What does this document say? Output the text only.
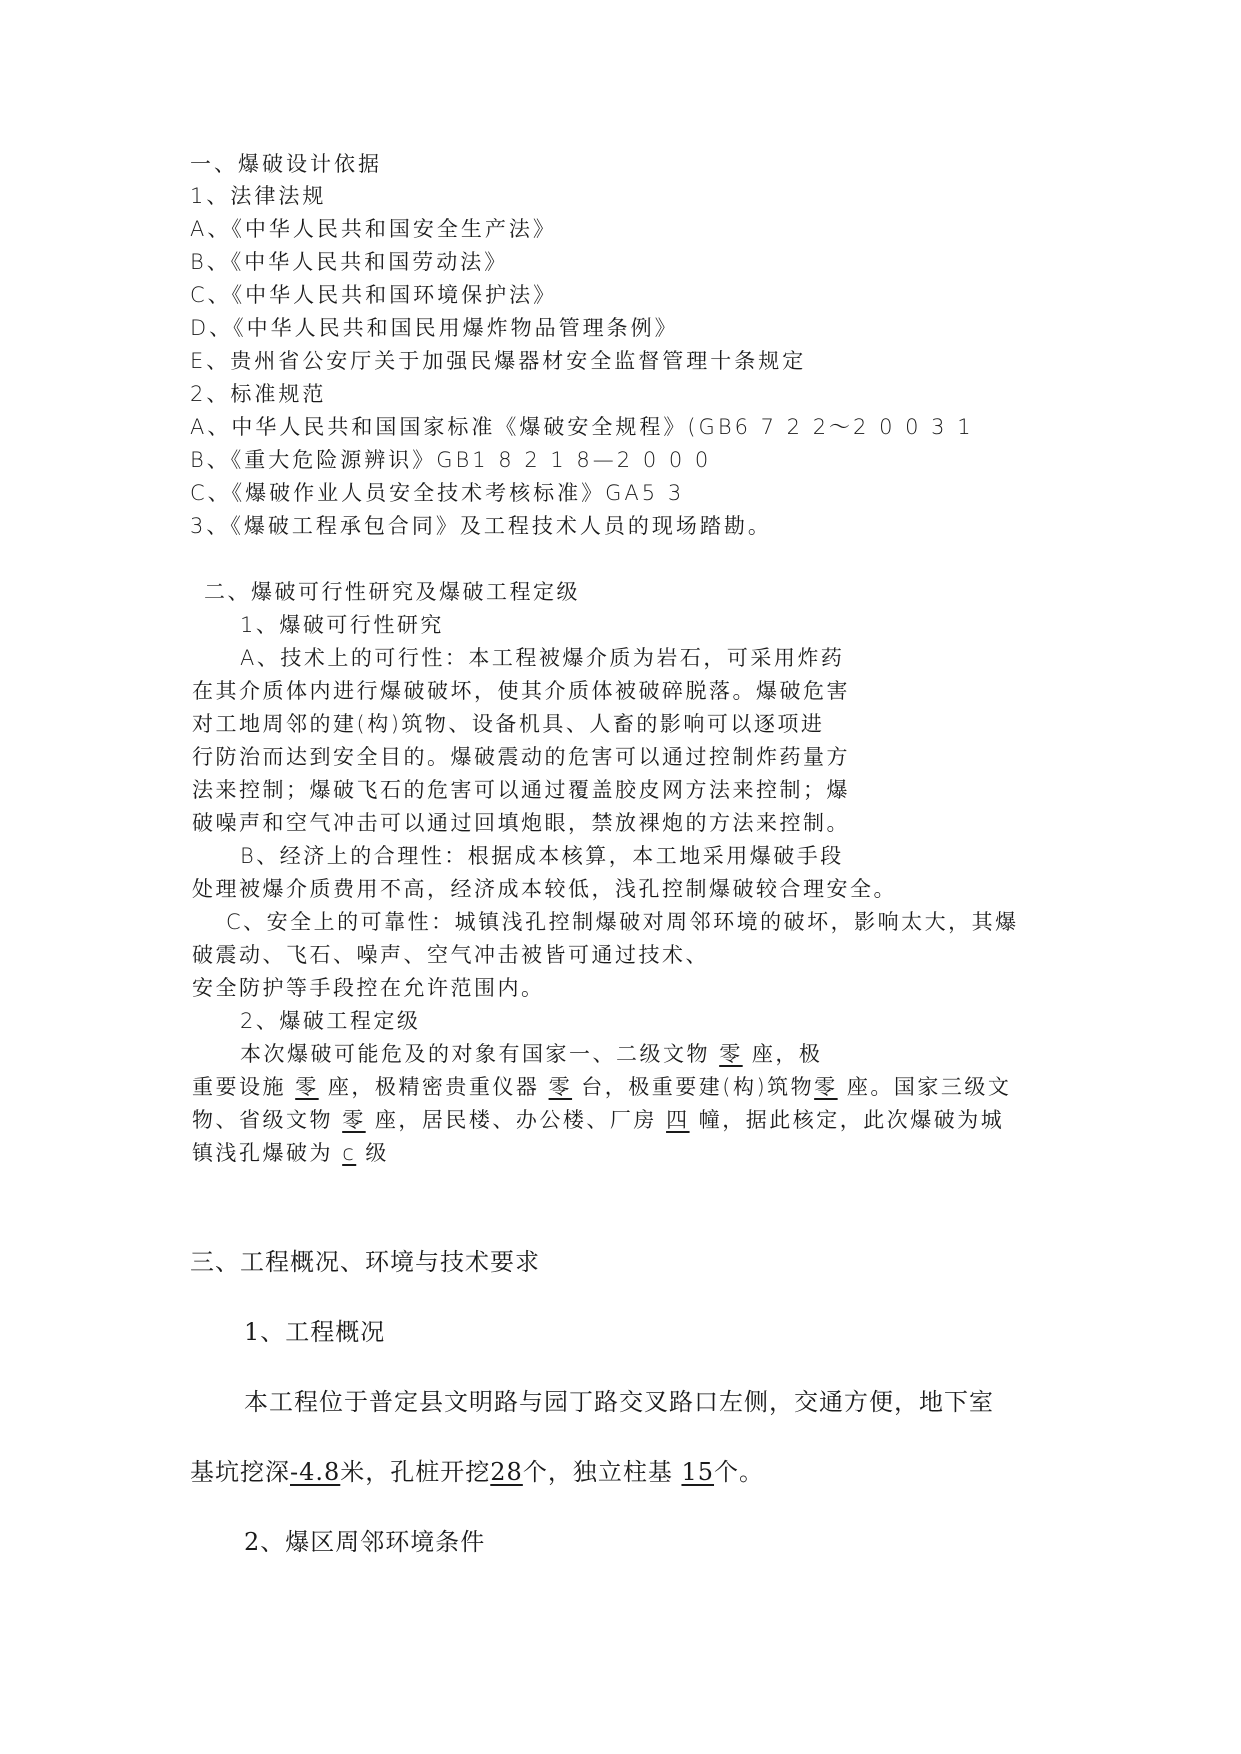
一、爆破设计依据
1、法律法规
A、《中华人民共和国安全生产法》
B、《中华人民共和国劳动法》
C、《中华人民共和国环境保护法》
D、《中华人民共和国民用爆炸物品管理条例》
E、贵州省公安厅关于加强民爆器材安全监督管理十条规定
2、标准规范
A、中华人民共和国国家标准《爆破安全规程》(GB6 7 2 2～2 0 0 3 1
B、《重大危险源辨识》GB1 8 2 1 8—2 0 0 0
C、《爆破作业人员安全技术考核标准》GA5 3
3、《爆破工程承包合同》及工程技术人员的现场踏勘。
二、爆破可行性研究及爆破工程定级
1、爆破可行性研究
A、技术上的可行性：本工程被爆介质为岩石，可采用炸药
在其介质体内进行爆破破坏，使其介质体被破碎脱落。爆破危害
对工地周邻的建(构)筑物、设备机具、人畜的影响可以逐项进
行防治而达到安全目的。爆破震动的危害可以通过控制炸药量方
法来控制；爆破飞石的危害可以通过覆盖胶皮网方法来控制；爆
破噪声和空气冲击可以通过回填炮眼，禁放裸炮的方法来控制。
B、经济上的合理性：根据成本核算，本工地采用爆破手段
处理被爆介质费用不高，经济成本较低，浅孔控制爆破较合理安全。
C、安全上的可靠性：城镇浅孔控制爆破对周邻环境的破坏，影响太大，其爆
破震动、飞石、噪声、空气冲击被皆可通过技术、
安全防护等手段控在允许范围内。
2、爆破工程定级
本次爆破可能危及的对象有国家一、二级文物 零 座，极
重要设施 零 座，极精密贵重仪器 零 台，极重要建(构)筑物零 座。国家三级文
物、省级文物 零 座，居民楼、办公楼、厂房 四 幢，据此核定，此次爆破为城
镇浅孔爆破为 c 级
三、工程概况、环境与技术要求
1、工程概况
本工程位于普定县文明路与园丁路交叉路口左侧，交通方便，地下室
基坑挖深-4.8米，孔桩开挖28个，独立柱基 15个。
2、爆区周邻环境条件
